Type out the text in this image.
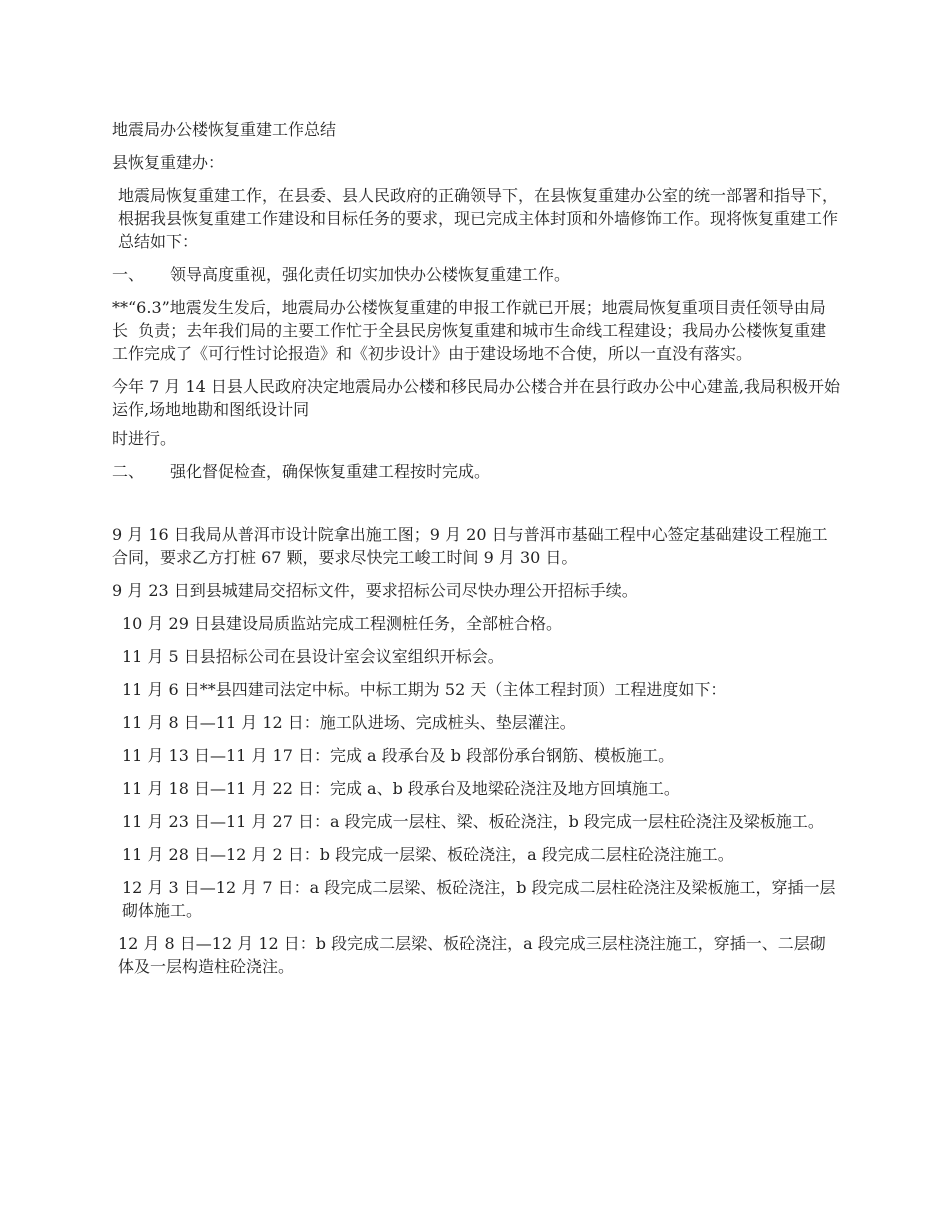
地震局办公楼恢复重建工作总结

县恢复重建办：

地震局恢复重建工作，在县委、县人民政府的正确领导下，在县恢复重建办公室的统一部署和指导下，根据我县恢复重建工作建设和目标任务的要求，现已完成主体封顶和外墙修饰工作。现将恢复重建工作总结如下：

一、	领导高度重视，强化责任切实加快办公楼恢复重建工作。

**“6.3”地震发生发后，地震局办公楼恢复重建的申报工作就已开展；地震局恢复重项目责任领导由局长  负责；去年我们局的主要工作忙于全县民房恢复重建和城市生命线工程建设；我局办公楼恢复重建工作完成了《可行性讨论报造》和《初步设计》由于建设场地不合使，所以一直没有落实。

今年 7 月 14 日县人民政府决定地震局办公楼和移民局办公楼合并在县行政办公中心建盖,我局积极开始运作,场地地勘和图纸设计同

时进行。

二、	强化督促检查，确保恢复重建工程按时完成。

9 月 16 日我局从普洱市设计院拿出施工图；9 月 20 日与普洱市基础工程中心签定基础建设工程施工合同，要求乙方打桩 67 颗，要求尽快完工峻工时间 9 月 30 日。

9 月 23 日到县城建局交招标文件，要求招标公司尽快办理公开招标手续。

10 月 29 日县建设局质监站完成工程测桩任务，全部桩合格。

11 月 5 日县招标公司在县设计室会议室组织开标会。

11 月 6 日**县四建司法定中标。中标工期为 52 天（主体工程封顶）工程进度如下：

11 月 8 日—11 月 12 日：施工队进场、完成桩头、垫层灌注。

11 月 13 日—11 月 17 日：完成 a 段承台及 b 段部份承台钢筋、模板施工。

11 月 18 日—11 月 22 日：完成 a、b 段承台及地梁砼浇注及地方回填施工。

11 月 23 日—11 月 27 日：a 段完成一层柱、梁、板砼浇注，b 段完成一层柱砼浇注及梁板施工。

11 月 28 日—12 月 2 日：b 段完成一层梁、板砼浇注，a 段完成二层柱砼浇注施工。

12 月 3 日—12 月 7 日：a 段完成二层梁、板砼浇注，b 段完成二层柱砼浇注及梁板施工，穿插一层砌体施工。

12 月 8 日—12 月 12 日：b 段完成二层梁、板砼浇注，a 段完成三层柱浇注施工，穿插一、二层砌体及一层构造柱砼浇注。
